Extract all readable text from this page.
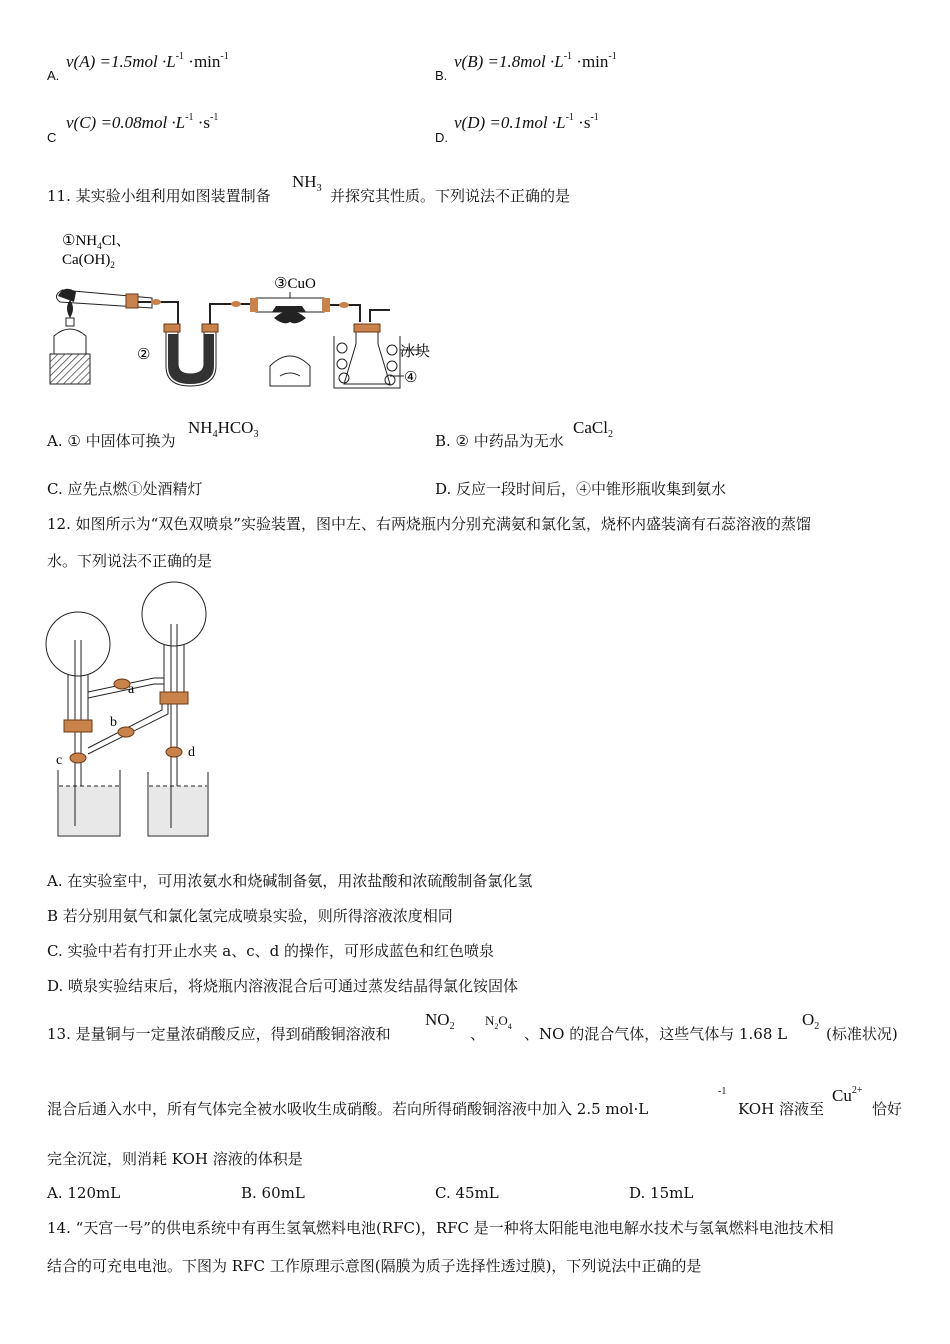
A.
$v(A) =1.5mol \cdot L^{-1} \cdot\min^{-1}$
B.
$v(B) =1.8mol \cdot L^{-1} \cdot\min^{-1}$
C
$v(C) =0.08mol \cdot L^{-1} \cdot s^{-1}$
D.
$v(D) =0.1mol \cdot L^{-1} \cdot s^{-1}$
11. 某实验小组利用如图装置制备
$NH_3$ 并探究其性质。下列说法不正确的是
$①NH_4Cl$、
$Ca(OH)_2$
②
③CuO
冰块
④
A. ① 中固体可换为
$NH_4HCO_3$	B. ② 中药品为无水
CaCl$_2$
C. 应先点燃①处酒精灯	D. 反应一段时间后，④中锥形瓶收集到氨水
12. 如图所示为“双色双喷泉”实验装置，图中左、右两烧瓶内分别充满氨和氯化氢，烧杯内盛装滴有石蕊溶液的蒸馏
水。下列说法不正确的是
a
b
c
d
A. 在实验室中，可用浓氨水和烧碱制备氨，用浓盐酸和浓硫酸制备氯化氢
B 若分别用氨气和氯化氢完成喷泉实验，则所得溶液浓度相同
C. 实验中若有打开止水夹 a、c、d 的操作，可形成蓝色和红色喷泉
D. 喷泉实验结束后，将烧瓶内溶液混合后可通过蒸发结晶得氯化铵固体
13. 是量铜与一定量浓硝酸反应，得到硝酸铜溶液和
$NO_2$ 、
$N_2O_4$ 、NO 的混合气体，这些气体与 1.68 L
$O_2$ (标准状况)
混合后通入水中，所有气体完全被水吸收生成硝酸。若向所得硝酸铜溶液中加入 2.5 mol·L
-1
KOH 溶液至
$Cu^{2+}$
恰好
完全沉淀，则消耗 KOH 溶液的体积是
A. 120mL	B. 60mL	C. 45mL	D. 15mL
14. “天宫一号”的供电系统中有再生氢氧燃料电池(RFC)，RFC 是一种将太阳能电池电解水技术与氢氧燃料电池技术相
结合的可充电电池。下图为 RFC 工作原理示意图(隔膜为质子选择性透过膜)，下列说法中正确的是
